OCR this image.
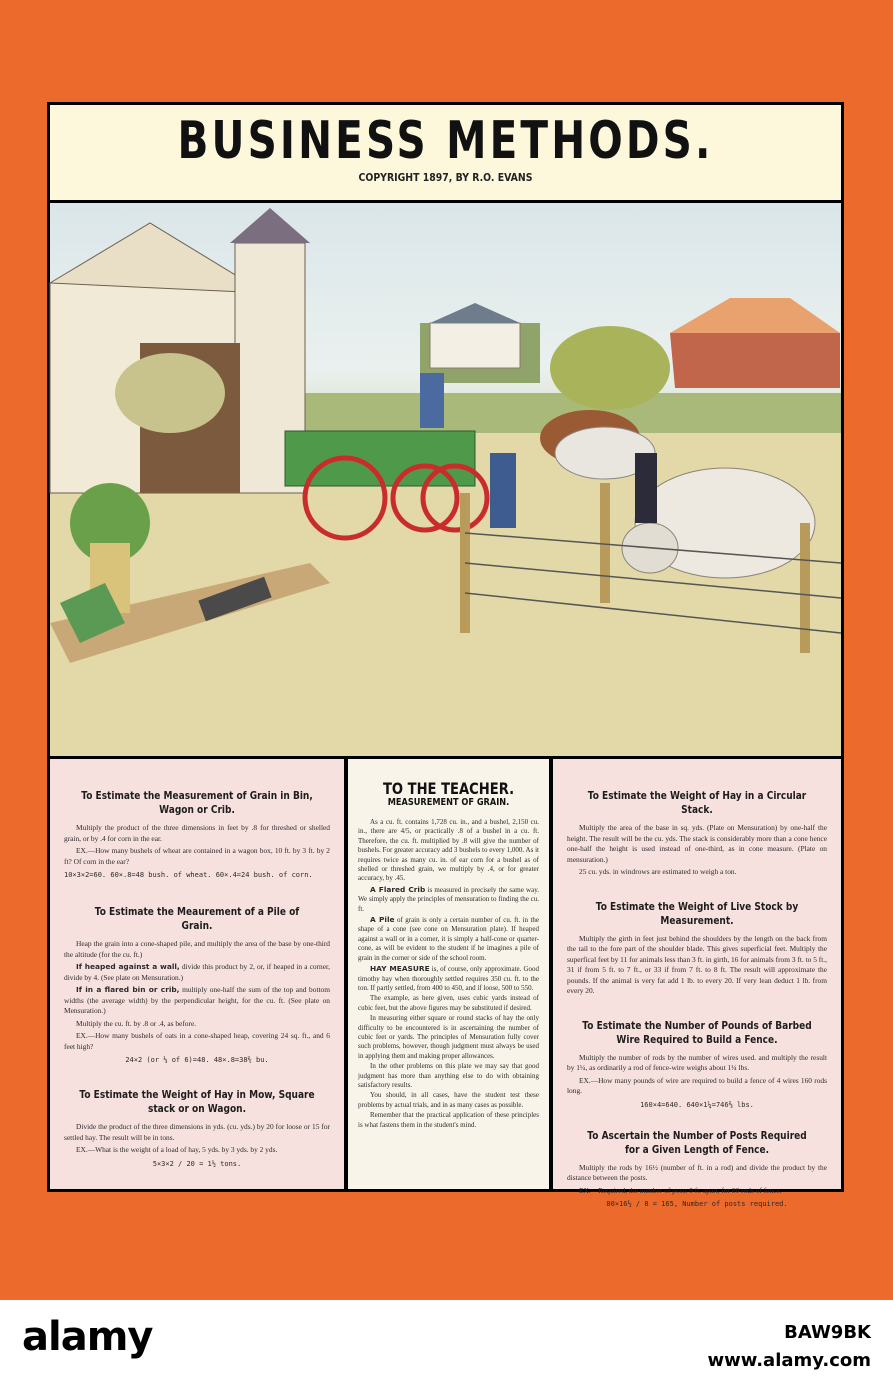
BUSINESS METHODS.
COPYRIGHT 1897, BY R.O. EVANS
To Estimate the Measurement of Grain in Bin, Wagon or Crib.

Multiply the product of the three dimensions in feet by .8 for threshed or shelled grain, or by .4 for corn in the ear.

EX.—How many bushels of wheat are contained in a wagon box, 10 ft. by 3 ft. by 2 ft? Of corn in the ear?

10×3×2=60. 60×.8=48 bush. of wheat. 60×.4=24 bush. of corn.
To Estimate the Meaurement of a Pile of Grain.

Heap the grain into a cone-shaped pile, and multiply the area of the base by one-third the altitude (for the cu. ft.)

If heaped against a wall, divide this product by 2, or, if heaped in a corner, divide by 4. (See plate on Mensuration.)

If in a flared bin or crib, multiply one-half the sum of the top and bottom widths (the average width) by the perpendicular height, for the cu. ft. (See plate on Mensuration.)

Multiply the cu. ft. by .8 or .4, as before.

EX.—How many bushels of oats in a cone-shaped heap, covering 24 sq. ft., and 6 feet high?

24×2 (or ⅓ of 6)=48. 48×.8=38⅖ bu.
To Estimate the Weight of Hay in Mow, Square stack or on Wagon.

Divide the product of the three dimensions in yds. (cu. yds.) by 20 for loose or 15 for settled hay. The result will be in tons.

EX.—What is the weight of a load of hay, 5 yds. by 3 yds. by 2 yds.

5×3×2 / 20 = 1½ tons.
TO THE TEACHER.
MEASUREMENT OF GRAIN.

As a cu. ft. contains 1,728 cu. in., and a bushel, 2,150 cu. in., there are 4/5, or practically .8 of a bushel in a cu. ft. Therefore, the cu. ft. multiplied by .8 will give the number of bushels. For greater accuracy add 3 bushels to every 1,000. As it requires twice as many cu. in. of ear corn for a bushel as of shelled or threshed grain, we multiply by .4, or for greater accuracy, by .45.

A Flared Crib is measured in precisely the same way. We simply apply the principles of mensuration to finding the cu. ft.

A Pile of grain is only a certain number of cu. ft. in the shape of a cone (see cone on Mensuration plate). If heaped against a wall or in a corner, it is simply a half-cone or quarter-cone, as will be evident to the student if he imagines a pile of grain in the corner or side of the school room.

HAY MEASURE is, of course, only approximate. Good timothy hay when thoroughly settled requires 350 cu. ft. to the ton. If partly settled, from 400 to 450, and if loose, 500 to 550.

The example, as here given, uses cubic yards instead of cubic feet, but the above figures may be substituted if desired.

In measuring either square or round stacks of hay the only difficulty to be encountered is in ascertaining the number of cubic feet or yards. The principles of Mensuration fully cover such problems, however, though judgment must always be used in applying them and making proper allowances.

In the other problems on this plate we may say that good judgment has more than anything else to do with obtaining satisfactory results.

You should, in all cases, have the student test these problems by actual trials, and in as many cases as possible.

Remember that the practical application of these principles is what fastens them in the student's mind.

To Estimate the Weight of Hay in a Circular Stack.

Multiply the area of the base in sq. yds. (Plate on Mensuration) by one-half the height. The result will be the cu. yds. The stack is considerably more than a cone hence one-half the height is used instead of one-third, as in cone measure. (Plate on mensuration.)

25 cu. yds. in windrows are estimated to weigh a ton.

To Estimate the Weight of Live Stock by Measurement.

Multiply the girth in feet just behind the shoulders by the length on the back from the tail to the fore part of the shoulder blade. This gives superficial feet. Multiply the superfical feet by 11 for animals less than 3 ft. in girth, 16 for animals from 3 ft. to 5 ft., 31 if from 5 ft. to 7 ft., or 33 if from 7 ft. to 8 ft. The result will approximate the pounds. If the animal is very fat add 1 lb. to every 20. If very lean deduct 1 lb. from every 20.

To Estimate the Number of Pounds of Barbed Wire Required to Build a Fence.

Multiply the number of rods by the number of wires used. and multiply the result by 1¼, as ordinarily a rod of fence-wire weighs about 1¼ lbs.

EX.—How many pounds of wire are required to build a fence of 4 wires 160 rods long.

160×4=640. 640×1¼=746⅔ lbs.
To Ascertain the Number of Posts Required for a Given Length of Fence.

Multiply the rods by 16½ (number of ft. in a rod) and divide the product by the distance between the posts.

EX.—Required, the number of posts 8 ft. apart, for 80 rods of fence.

80×16½ / 8 = 165, Number of posts required.
alamy	BAW9BK
www.alamy.com
